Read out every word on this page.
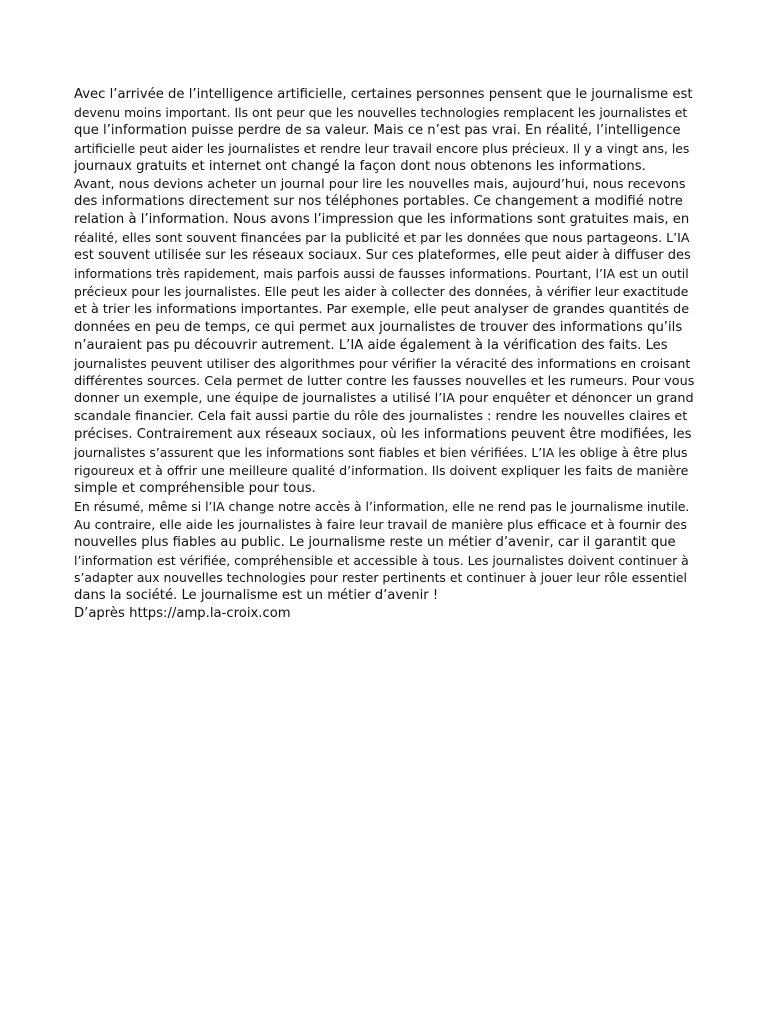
Avec l’arrivée de l’intelligence artificielle, certaines personnes pensent que le journalisme est
devenu moins important. Ils ont peur que les nouvelles technologies remplacent les journalistes et
que l’information puisse perdre de sa valeur. Mais ce n’est pas vrai. En réalité, l’intelligence
artificielle peut aider les journalistes et rendre leur travail encore plus précieux. Il y a vingt ans, les
journaux gratuits et internet ont changé la façon dont nous obtenons les informations.
Avant, nous devions acheter un journal pour lire les nouvelles mais, aujourd’hui, nous recevons
des informations directement sur nos téléphones portables. Ce changement a modifié notre
relation à l’information. Nous avons l’impression que les informations sont gratuites mais, en
réalité, elles sont souvent financées par la publicité et par les données que nous partageons. L’IA
est souvent utilisée sur les réseaux sociaux. Sur ces plateformes, elle peut aider à diffuser des
informations très rapidement, mais parfois aussi de fausses informations. Pourtant, l’IA est un outil
précieux pour les journalistes. Elle peut les aider à collecter des données, à vérifier leur exactitude
et à trier les informations importantes. Par exemple, elle peut analyser de grandes quantités de
données en peu de temps, ce qui permet aux journalistes de trouver des informations qu’ils
n’auraient pas pu découvrir autrement. L’IA aide également à la vérification des faits. Les
journalistes peuvent utiliser des algorithmes pour vérifier la véracité des informations en croisant
différentes sources. Cela permet de lutter contre les fausses nouvelles et les rumeurs. Pour vous
donner un exemple, une équipe de journalistes a utilisé l’IA pour enquêter et dénoncer un grand
scandale financier. Cela fait aussi partie du rôle des journalistes : rendre les nouvelles claires et
précises. Contrairement aux réseaux sociaux, où les informations peuvent être modifiées, les
journalistes s’assurent que les informations sont fiables et bien vérifiées. L’IA les oblige à être plus
rigoureux et à offrir une meilleure qualité d’information. Ils doivent expliquer les faits de manière
simple et compréhensible pour tous.
En résumé, même si l’IA change notre accès à l’information, elle ne rend pas le journalisme inutile.
Au contraire, elle aide les journalistes à faire leur travail de manière plus efficace et à fournir des
nouvelles plus fiables au public. Le journalisme reste un métier d’avenir, car il garantit que
l’information est vérifiée, compréhensible et accessible à tous. Les journalistes doivent continuer à
s’adapter aux nouvelles technologies pour rester pertinents et continuer à jouer leur rôle essentiel
dans la société. Le journalisme est un métier d’avenir !
D’après https://amp.la-croix.com
